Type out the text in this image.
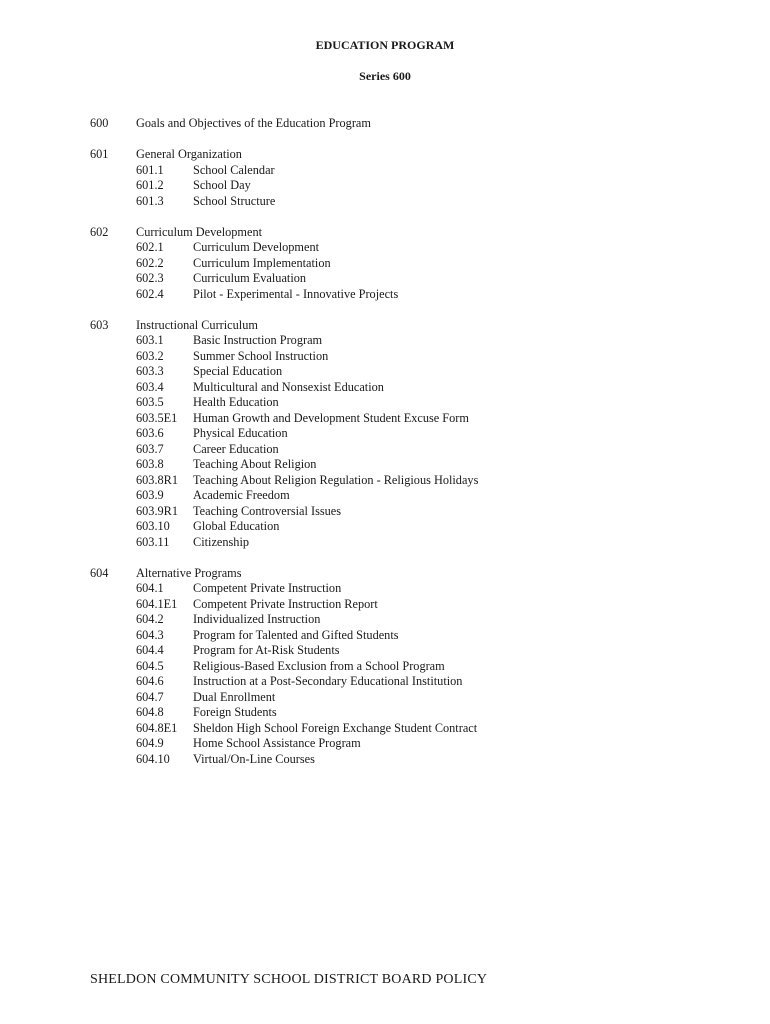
EDUCATION PROGRAM
Series 600
600 Goals and Objectives of the Education Program
601 General Organization
601.1	School Calendar
601.2	School Day
601.3	School Structure
602 Curriculum Development
602.1	Curriculum Development
602.2	Curriculum Implementation
602.3	Curriculum Evaluation
602.4	Pilot - Experimental - Innovative Projects
603 Instructional Curriculum
603.1	Basic Instruction Program
603.2	Summer School Instruction
603.3	Special Education
603.4	Multicultural and Nonsexist Education
603.5	Health Education
603.5E1	Human Growth and Development Student Excuse Form
603.6	Physical Education
603.7	Career Education
603.8	Teaching About Religion
603.8R1	Teaching About Religion Regulation - Religious Holidays
603.9	Academic Freedom
603.9R1	Teaching Controversial Issues
603.10	Global Education
603.11	Citizenship
604 Alternative Programs
604.1	Competent Private Instruction
604.1E1	Competent Private Instruction Report
604.2	Individualized Instruction
604.3	Program for Talented and Gifted Students
604.4	Program for At-Risk Students
604.5	Religious-Based Exclusion from a School Program
604.6	Instruction at a Post-Secondary Educational Institution
604.7	Dual Enrollment
604.8	Foreign Students
604.8E1	Sheldon High School Foreign Exchange Student Contract
604.9	Home School Assistance Program
604.10	Virtual/On-Line Courses
SHELDON COMMUNITY SCHOOL DISTRICT BOARD POLICY
